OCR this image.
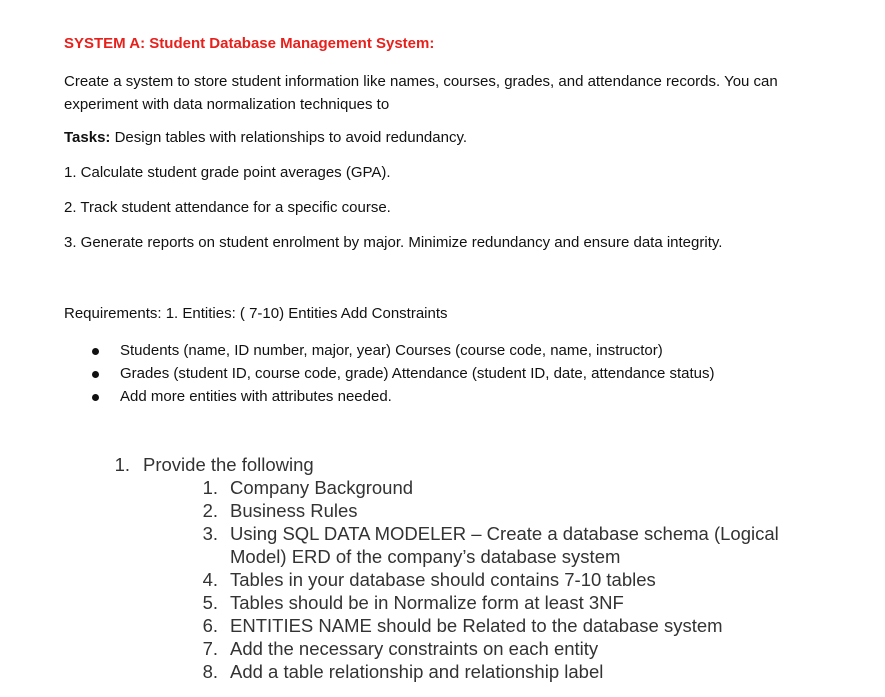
SYSTEM A: Student Database Management System:
Create a system to store student information like names, courses, grades, and attendance records. You can experiment with data normalization techniques to
Tasks: Design tables with relationships to avoid redundancy.
1. Calculate student grade point averages (GPA).
2. Track student attendance for a specific course.
3. Generate reports on student enrolment by major. Minimize redundancy and ensure data integrity.
Requirements: 1. Entities: ( 7-10) Entities Add Constraints
Students (name, ID number, major, year) Courses (course code, name, instructor)
Grades (student ID, course code, grade) Attendance (student ID, date, attendance status)
Add more entities with attributes needed.
1. Provide the following
1. Company Background
2. Business Rules
3. Using SQL DATA MODELER – Create a database schema (Logical
Model) ERD of the company’s database system
4. Tables in your database should contains 7-10 tables
5. Tables should be in Normalize form at least 3NF
6. ENTITIES NAME should be Related to the database system
7. Add the necessary constraints on each entity
8. Add a table relationship and relationship label
